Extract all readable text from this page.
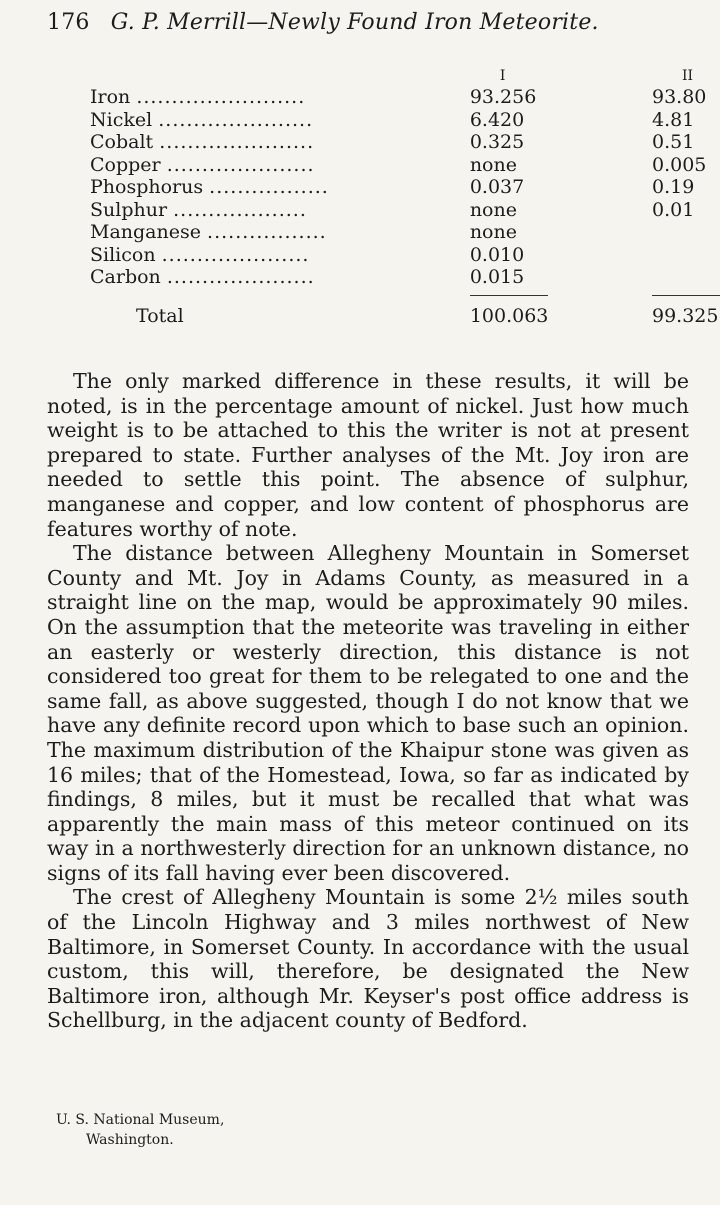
176 G. P. Merrill—Newly Found Iron Meteorite.
	I	II
Iron ........................	93.256	93.80
Nickel ......................	6.420	4.81
Cobalt ......................	0.325	0.51
Copper .....................	none	0.005
Phosphorus .................	0.037	0.19
Sulphur ...................	none	0.01
Manganese .................	none	
Silicon .....................	0.010	
Carbon .....................	0.015	

Total	100.063	99.325

The only marked difference in these results, it will be noted, is in the percentage amount of nickel. Just how much weight is to be attached to this the writer is not at present prepared to state. Further analyses of the Mt. Joy iron are needed to settle this point. The absence of sulphur, manganese and copper, and low content of phosphorus are features worthy of note.

The distance between Allegheny Mountain in Somerset County and Mt. Joy in Adams County, as measured in a straight line on the map, would be approximately 90 miles. On the assumption that the meteorite was traveling in either an easterly or westerly direction, this distance is not considered too great for them to be relegated to one and the same fall, as above suggested, though I do not know that we have any definite record upon which to base such an opinion. The maximum distribution of the Khaipur stone was given as 16 miles; that of the Homestead, Iowa, so far as indicated by findings, 8 miles, but it must be recalled that what was apparently the main mass of this meteor continued on its way in a northwesterly direction for an unknown distance, no signs of its fall having ever been discovered.

The crest of Allegheny Mountain is some 2½ miles south of the Lincoln Highway and 3 miles northwest of New Baltimore, in Somerset County. In accordance with the usual custom, this will, therefore, be designated the New Baltimore iron, although Mr. Keyser's post office address is Schellburg, in the adjacent county of Bedford.

U. S. National Museum,
Washington.
